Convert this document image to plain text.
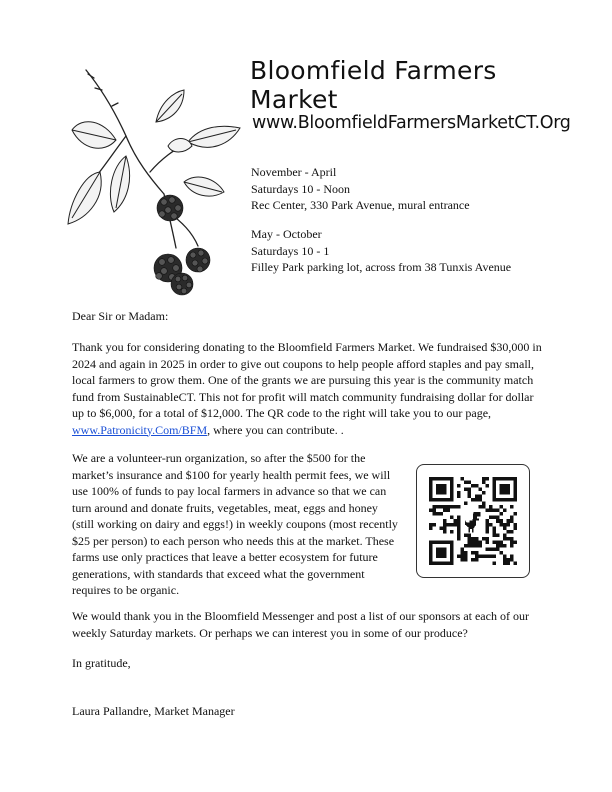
Bloomfield Farmers Market
www.BloomfieldFarmersMarketCT.Org
November - April
Saturdays 10 - Noon
Rec Center, 330 Park Avenue, mural entrance
May - October
Saturdays 10 - 1
Filley Park parking lot, across from 38 Tunxis Avenue
Dear Sir or Madam:
Thank you for considering donating to the Bloomfield Farmers Market. We fundraised $30,000 in 2024 and again in 2025 in order to give out coupons to help people afford staples and pay small, local farmers to grow them. One of the grants we are pursuing this year is the community match fund from SustainableCT. This not for profit will match community fundraising dollar for dollar up to $6,000, for a total of $12,000. The QR code to the right will take you to our page, www.Patronicity.Com/BFM, where you can contribute. .
We are a volunteer-run organization, so after the $500 for the market’s insurance and $100 for yearly health permit fees, we will use 100% of funds to pay local farmers in advance so that we can turn around and donate fruits, vegetables, meat, eggs and honey (still working on dairy and eggs!) in weekly coupons (most recently $25 per person) to each person who needs this at the market. These farms use only practices that leave a better ecosystem for future generations, with standards that exceed what the government requires to be organic.
We would thank you in the Bloomfield Messenger and post a list of our sponsors at each of our weekly Saturday markets. Or perhaps we can interest you in some of our produce?
In gratitude,
Laura Pallandre, Market Manager
